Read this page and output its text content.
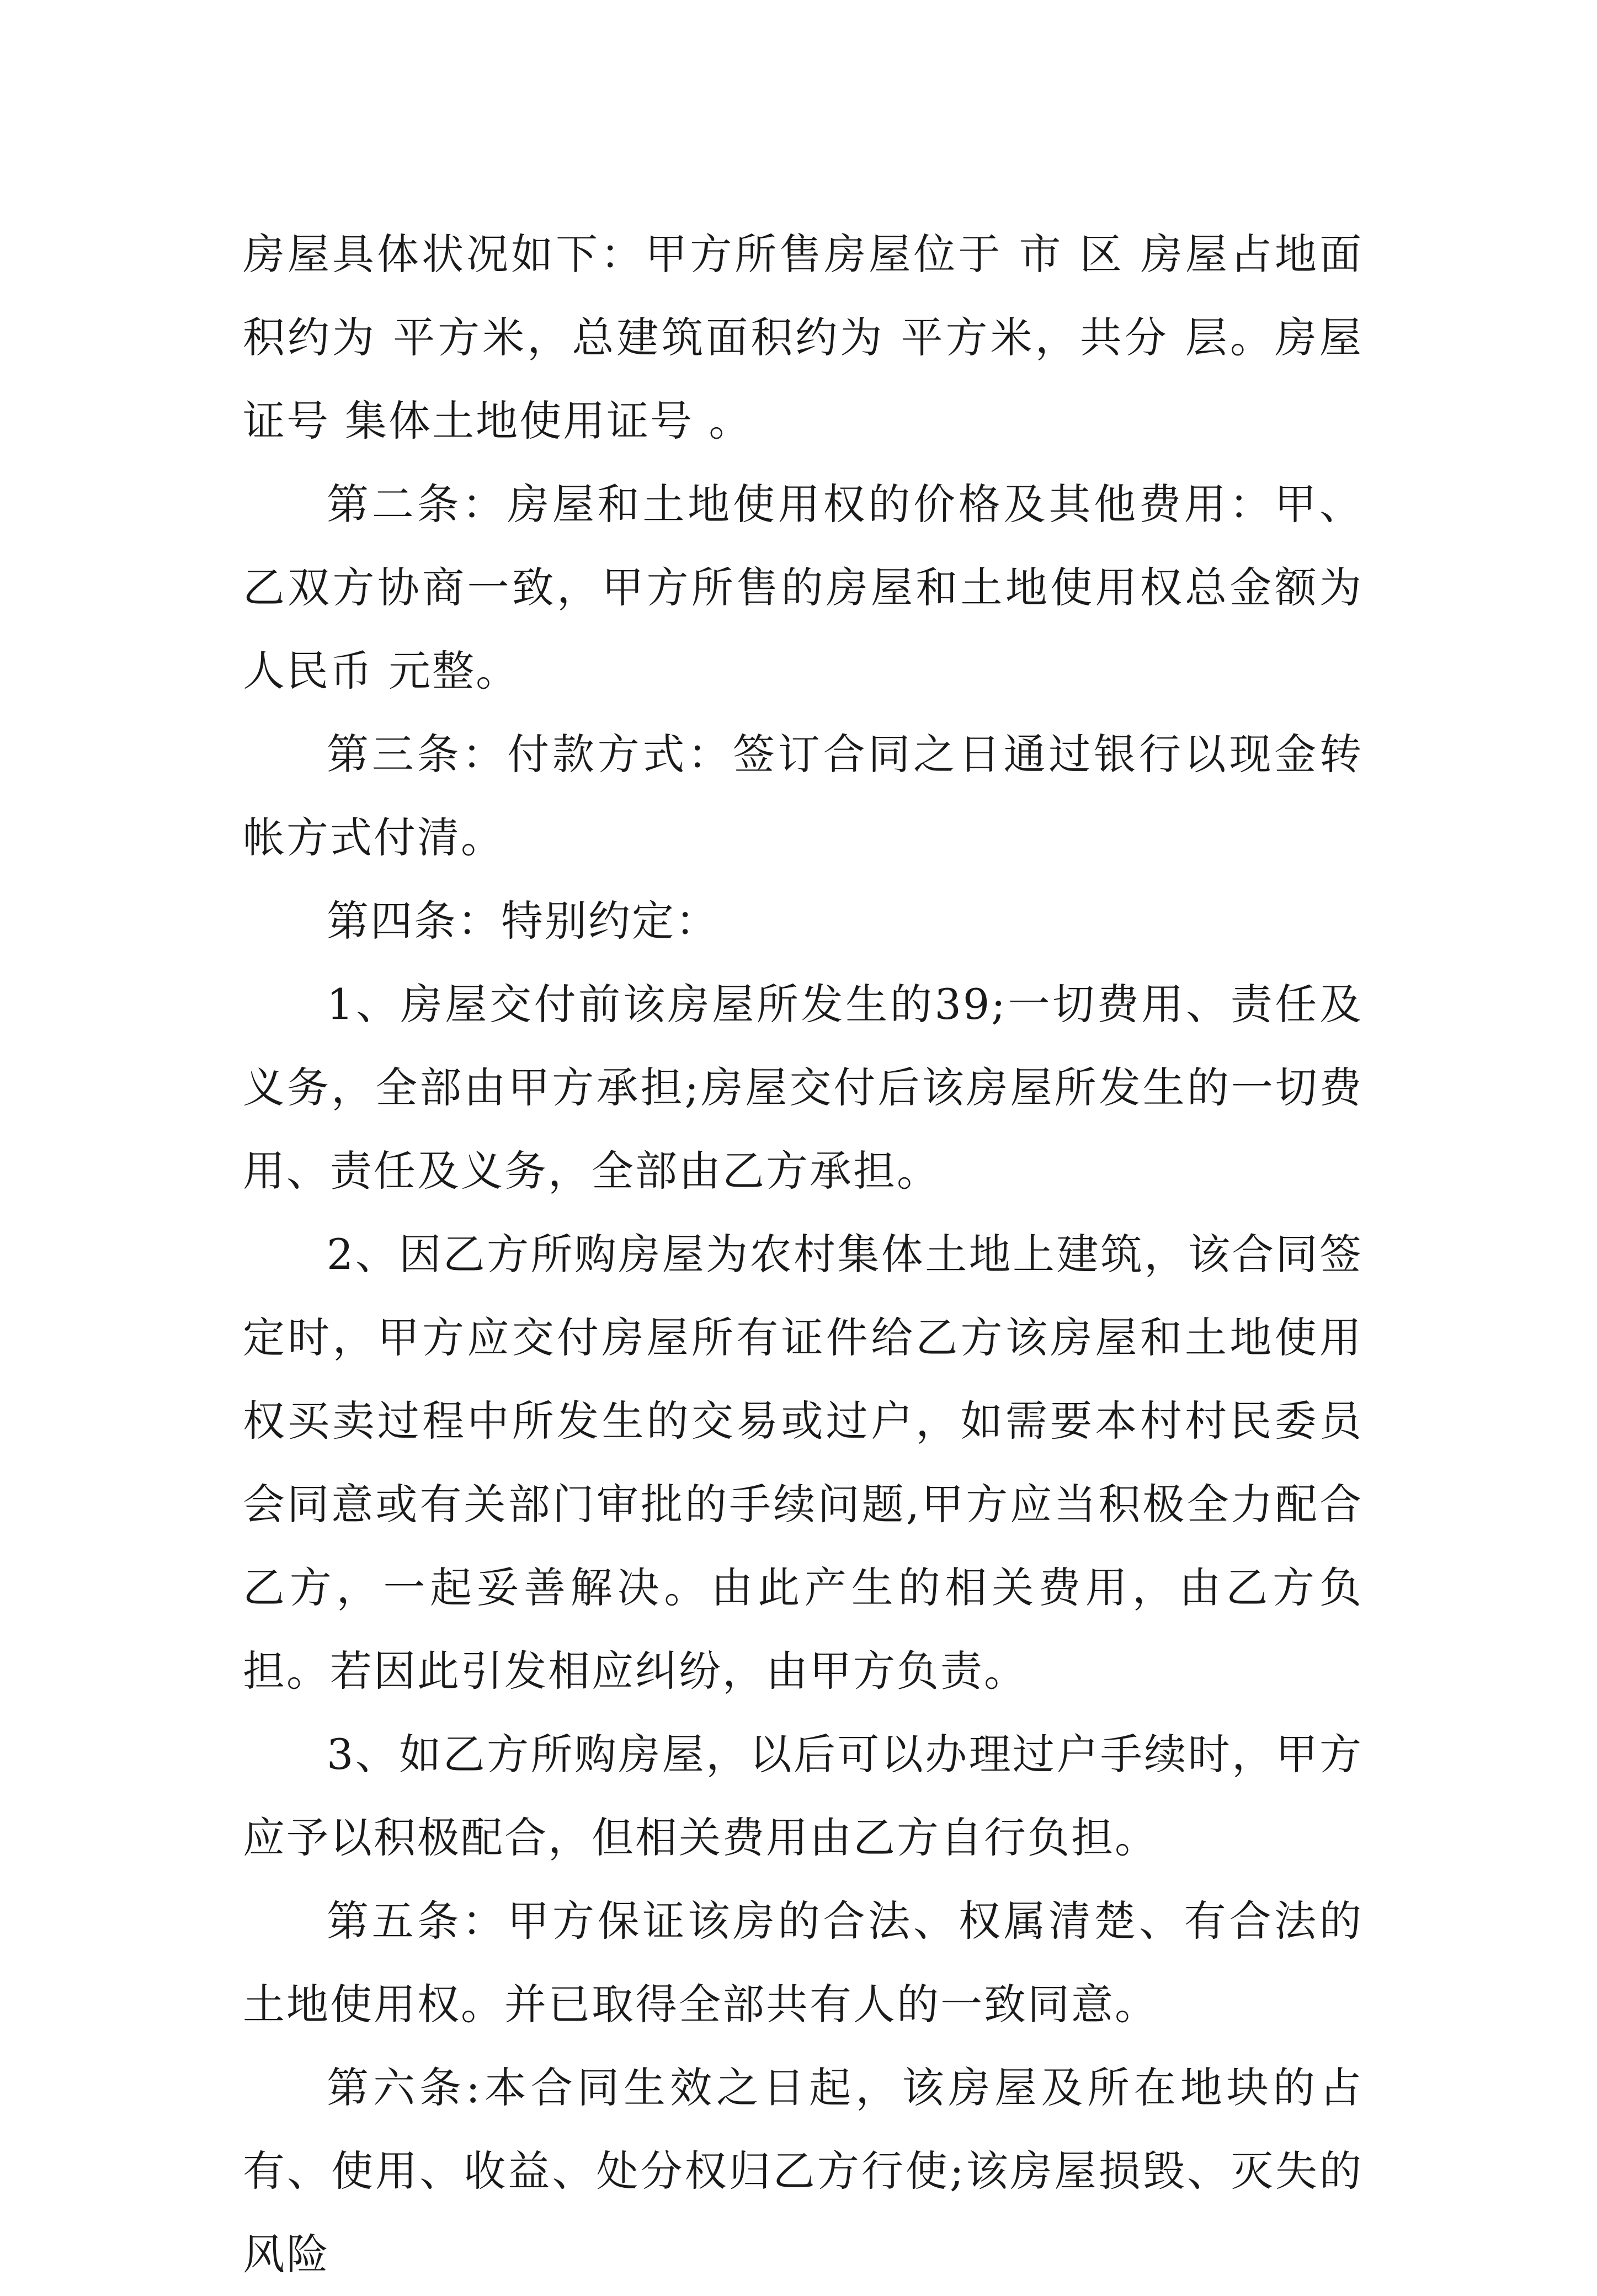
房屋具体状况如下：甲方所售房屋位于 市 区 房屋占地面积约为 平方米，总建筑面积约为 平方米，共分 层。房屋证号 集体土地使用证号 。

第二条：房屋和土地使用权的价格及其他费用：甲、乙双方协商一致，甲方所售的房屋和土地使用权总金额为人民币 元整。

第三条：付款方式：签订合同之日通过银行以现金转帐方式付清。

第四条：特别约定：

1、房屋交付前该房屋所发生的39;一切费用、责任及义务，全部由甲方承担;房屋交付后该房屋所发生的一切费用、责任及义务，全部由乙方承担。

2、因乙方所购房屋为农村集体土地上建筑，该合同签定时，甲方应交付房屋所有证件给乙方该房屋和土地使用权买卖过程中所发生的交易或过户，如需要本村村民委员会同意或有关部门审批的手续问题,甲方应当积极全力配合乙方，一起妥善解决。由此产生的相关费用，由乙方负担。若因此引发相应纠纷，由甲方负责。

3、如乙方所购房屋，以后可以办理过户手续时，甲方应予以积极配合，但相关费用由乙方自行负担。

第五条：甲方保证该房的合法、权属清楚、有合法的土地使用权。并已取得全部共有人的一致同意。

第六条:本合同生效之日起，该房屋及所在地块的占有、使用、收益、处分权归乙方行使;该房屋损毁、灭失的风险
